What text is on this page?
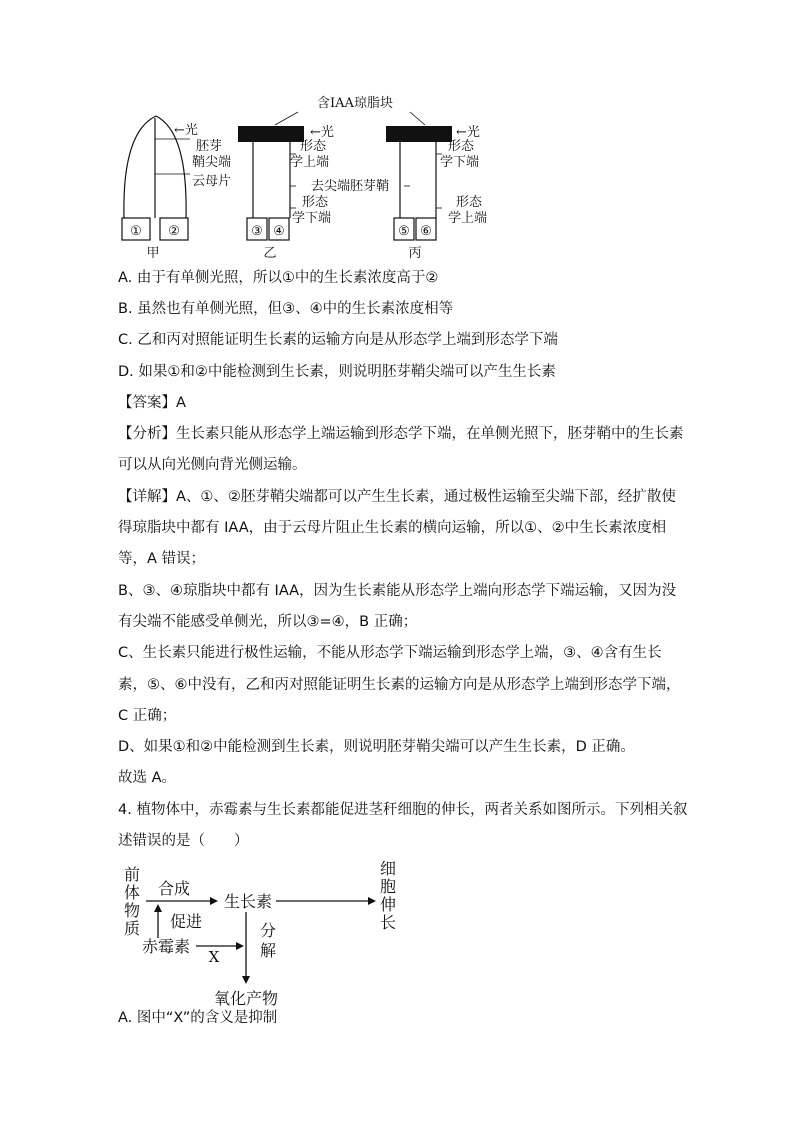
① ②
←光
胚芽
鞘尖端
云母片
甲
含IAA琼脂块
③ ④
←光
形态
学上端
去尖端胚芽鞘
形态
学下端
乙
⑤ ⑥
←光
形态
学下端
形态
学上端
丙
A. 由于有单侧光照，所以①中的生长素浓度高于②
B. 虽然也有单侧光照，但③、④中的生长素浓度相等
C. 乙和丙对照能证明生长素的运输方向是从形态学上端到形态学下端
D. 如果①和②中能检测到生长素，则说明胚芽鞘尖端可以产生生长素
【答案】A
【分析】生长素只能从形态学上端运输到形态学下端，在单侧光照下，胚芽鞘中的生长素
可以从向光侧向背光侧运输。
【详解】A、①、②胚芽鞘尖端都可以产生生长素，通过极性运输至尖端下部，经扩散使
得琼脂块中都有 IAA，由于云母片阻止生长素的横向运输，所以①、②中生长素浓度相
等，A 错误；
B、③、④琼脂块中都有 IAA，因为生长素能从形态学上端向形态学下端运输，又因为没
有尖端不能感受单侧光，所以③=④，B 正确；
C、生长素只能进行极性运输，不能从形态学下端运输到形态学上端，③、④含有生长
素，⑤、⑥中没有，乙和丙对照能证明生长素的运输方向是从形态学上端到形态学下端，
C 正确；
D、如果①和②中能检测到生长素，则说明胚芽鞘尖端可以产生生长素，D 正确。
故选 A。
4. 植物体中，赤霉素与生长素都能促进茎秆细胞的伸长，两者关系如图所示。下列相关叙
述错误的是（　　）
前
体
物
质
合成
生长素
细
胞
伸
长
促进
赤霉素
X
分
解
氧化产物
A. 图中“X”的含义是抑制
